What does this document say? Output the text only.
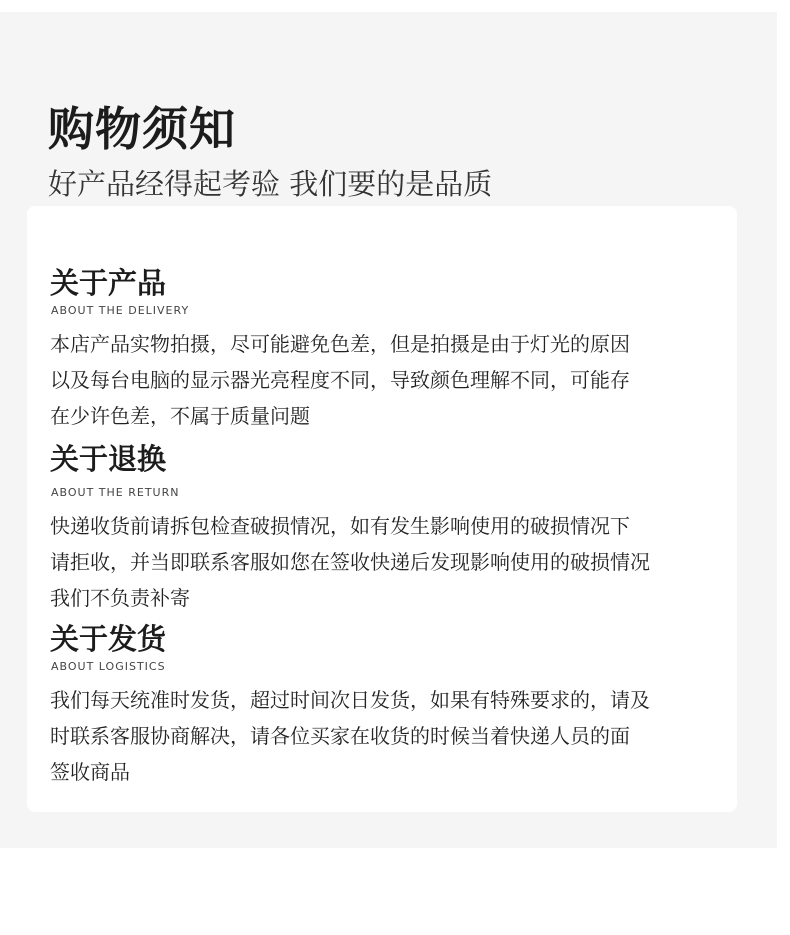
购物须知
好产品经得起考验 我们要的是品质
关于产品
ABOUT THE DELIVERY

本店产品实物拍摄，尽可能避免色差，但是拍摄是由于灯光的原因
以及每台电脑的显示器光亮程度不同，导致颜色理解不同，可能存
在少许色差，不属于质量问题

关于退换
ABOUT THE RETURN

快递收货前请拆包检查破损情况，如有发生影响使用的破损情况下
请拒收，并当即联系客服如您在签收快递后发现影响使用的破损情况
我们不负责补寄

关于发货
ABOUT LOGISTICS

我们每天统准时发货，超过时间次日发货，如果有特殊要求的，请及
时联系客服协商解决，请各位买家在收货的时候当着快递人员的面
签收商品
